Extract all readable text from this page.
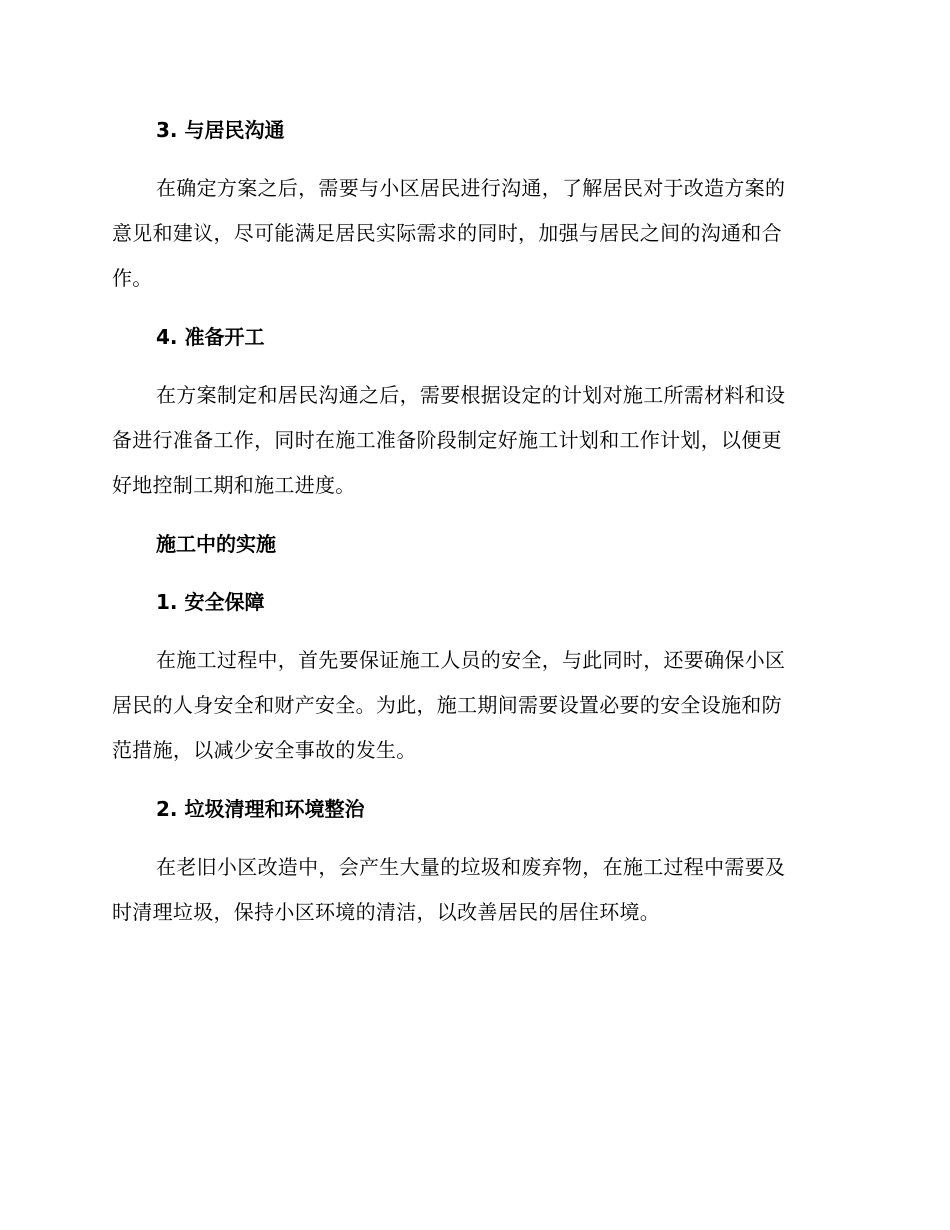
3. 与居民沟通

在确定方案之后，需要与小区居民进行沟通，了解居民对于改造方案的
意见和建议，尽可能满足居民实际需求的同时，加强与居民之间的沟通和合
作。

4. 准备开工

在方案制定和居民沟通之后，需要根据设定的计划对施工所需材料和设
备进行准备工作，同时在施工准备阶段制定好施工计划和工作计划，以便更
好地控制工期和施工进度。

施工中的实施
1. 安全保障

在施工过程中，首先要保证施工人员的安全，与此同时，还要确保小区
居民的人身安全和财产安全。为此，施工期间需要设置必要的安全设施和防
范措施，以减少安全事故的发生。

2. 垃圾清理和环境整治

在老旧小区改造中，会产生大量的垃圾和废弃物，在施工过程中需要及
时清理垃圾，保持小区环境的清洁，以改善居民的居住环境。
